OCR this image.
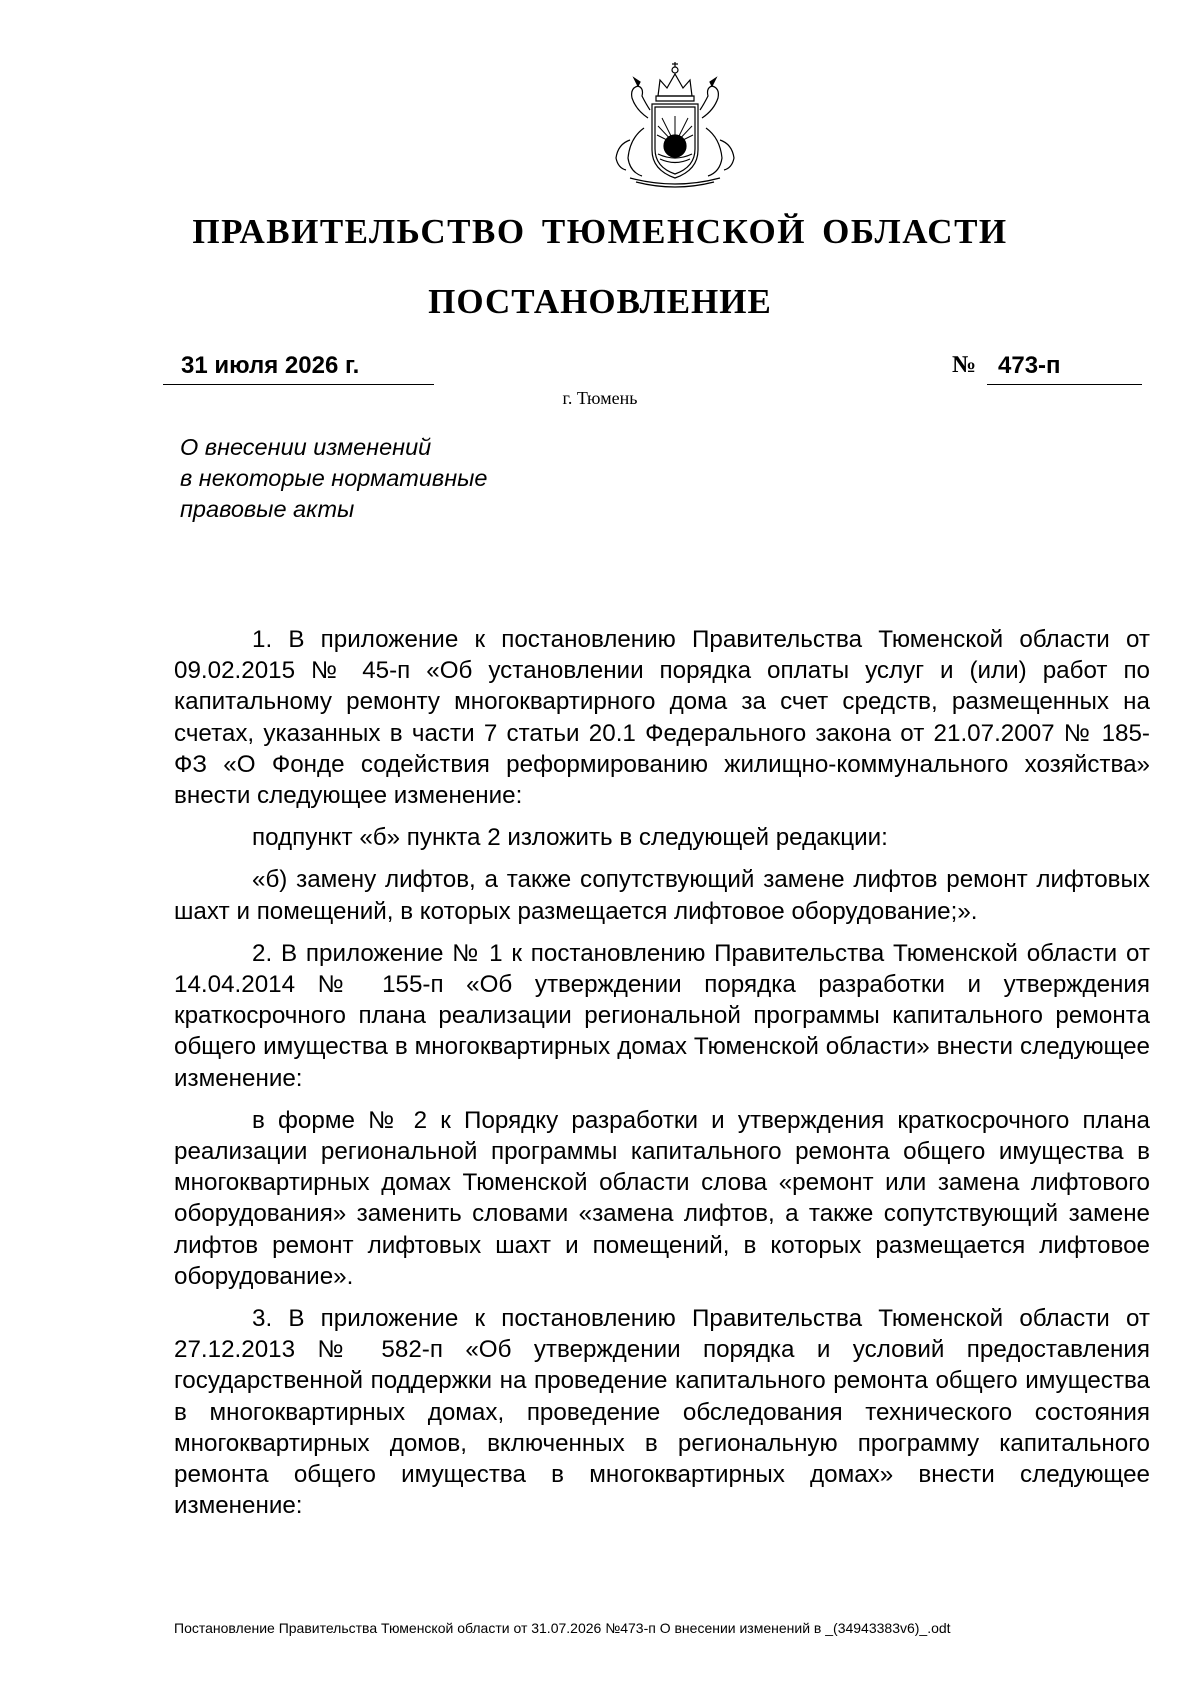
ПРАВИТЕЛЬСТВО ТЮМЕНСКОЙ ОБЛАСТИ
ПОСТАНОВЛЕНИЕ
31 июля 2026 г.	№ 473-п
г. Тюмень
О внесении изменений
в некоторые нормативные
правовые акты

1. В приложение к постановлению Правительства Тюменской области от 09.02.2015 № 45-п «Об установлении порядка оплаты услуг и (или) работ по капитальному ремонту многоквартирного дома за счет средств, размещенных на счетах, указанных в части 7 статьи 20.1 Федерального закона от 21.07.2007 № 185-ФЗ «О Фонде содействия реформированию жилищно-коммунального хозяйства» внести следующее изменение:

подпункт «б» пункта 2 изложить в следующей редакции:

«б) замену лифтов, а также сопутствующий замене лифтов ремонт лифтовых шахт и помещений, в которых размещается лифтовое оборудование;».

2. В приложение № 1 к постановлению Правительства Тюменской области от 14.04.2014 № 155-п «Об утверждении порядка разработки и утверждения краткосрочного плана реализации региональной программы капитального ремонта общего имущества в многоквартирных домах Тюменской области» внести следующее изменение:

в форме № 2 к Порядку разработки и утверждения краткосрочного плана реализации региональной программы капитального ремонта общего имущества в многоквартирных домах Тюменской области слова «ремонт или замена лифтового оборудования» заменить словами «замена лифтов, а также сопутствующий замене лифтов ремонт лифтовых шахт и помещений, в которых размещается лифтовое оборудование».

3. В приложение к постановлению Правительства Тюменской области от 27.12.2013 № 582-п «Об утверждении порядка и условий предоставления государственной поддержки на проведение капитального ремонта общего имущества в многоквартирных домах, проведение обследования технического состояния многоквартирных домов, включенных в региональную программу капитального ремонта общего имущества в многоквартирных домах» внести следующее изменение:

Постановление Правительства Тюменской области от 31.07.2026 №473-п О внесении изменений в _(34943383v6)_.odt
